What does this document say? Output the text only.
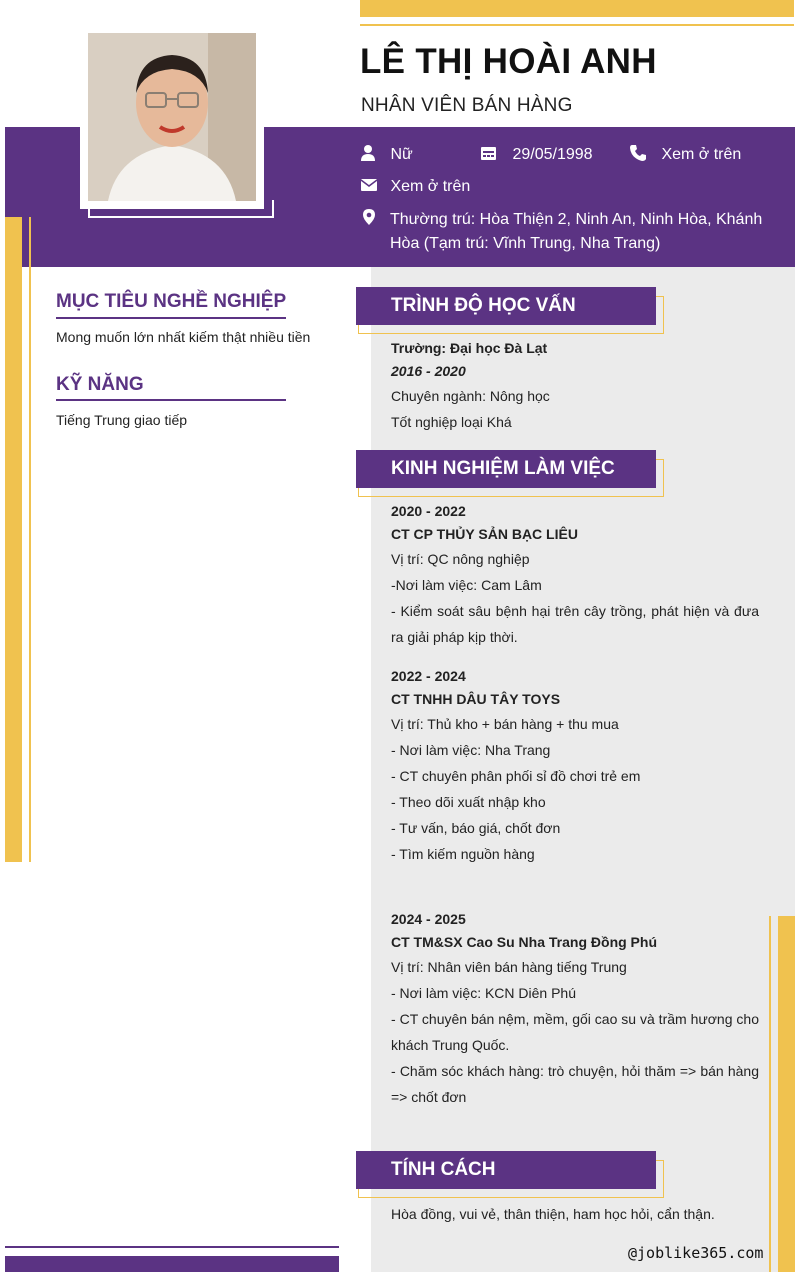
LÊ THỊ HOÀI ANH
NHÂN VIÊN BÁN HÀNG
Nữ	29/05/1998	Xem ở trên
Xem ở trên
Thường trú: Hòa Thiện 2, Ninh An, Ninh Hòa, Khánh
Hòa (Tạm trú: Vĩnh Trung, Nha Trang)
MỤC TIÊU NGHỀ NGHIỆP
Mong muốn lớn nhất kiếm thật nhiều tiền
KỸ NĂNG
Tiếng Trung giao tiếp
TRÌNH ĐỘ HỌC VẤN
Trường: Đại học Đà Lạt
2016 - 2020
Chuyên ngành: Nông học
Tốt nghiệp loại Khá
KINH NGHIỆM LÀM VIỆC
2020 - 2022
CT CP THỦY SẢN BẠC LIÊU
Vị trí: QC nông nghiệp
-Nơi làm việc: Cam Lâm
- Kiểm soát sâu bệnh hại trên cây trồng, phát hiện và đưa ra giải pháp kịp thời.
2022 - 2024
CT TNHH DÂU TÂY TOYS
Vị trí: Thủ kho + bán hàng + thu mua
- Nơi làm việc: Nha Trang
- CT chuyên phân phối sỉ đồ chơi trẻ em
- Theo dõi xuất nhập kho
- Tư vấn, báo giá, chốt đơn
- Tìm kiếm nguồn hàng
2024 - 2025
CT TM&SX Cao Su Nha Trang Đồng Phú
Vị trí: Nhân viên bán hàng tiếng Trung
- Nơi làm việc: KCN Diên Phú
- CT chuyên bán nệm, mềm, gối cao su và trầm hương cho khách Trung Quốc.
- Chăm sóc khách hàng: trò chuyện, hỏi thăm => bán hàng => chốt đơn
TÍNH CÁCH
Hòa đồng, vui vẻ, thân thiện, ham học hỏi, cẩn thận.
@joblike365.com
